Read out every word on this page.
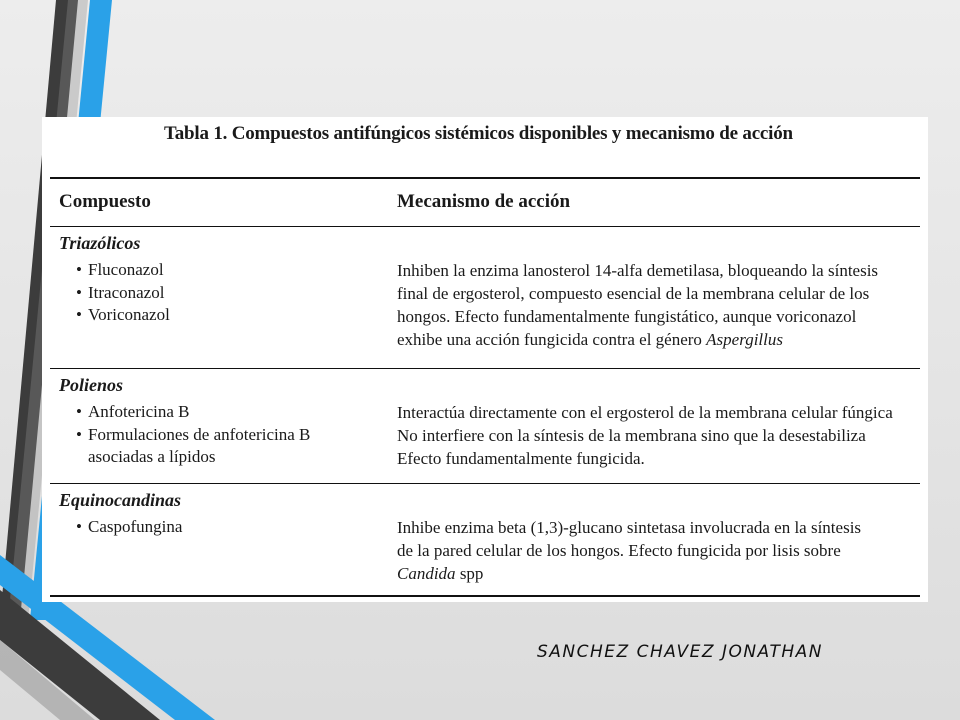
Tabla 1. Compuestos antifúngicos sistémicos disponibles y mecanismo de acción
Compuesto	Mecanismo de acción
Triazólicos
• Fluconazol
• Itraconazol
• Voriconazol
Inhiben la enzima lanosterol 14-alfa demetilasa, bloqueando la síntesis
final de ergosterol, compuesto esencial de la membrana celular de los
hongos. Efecto fundamentalmente fungistático, aunque voriconazol
exhibe una acción fungicida contra el género Aspergillus
Polienos
• Anfotericina B
• Formulaciones de anfotericina B asociadas a lípidos
Interactúa directamente con el ergosterol de la membrana celular fúngica
No interfiere con la síntesis de la membrana sino que la desestabiliza
Efecto fundamentalmente fungicida.
Equinocandinas
• Caspofungina	Inhibe enzima beta (1,3)-glucano sintetasa involucrada en la síntesis
de la pared celular de los hongos. Efecto fungicida por lisis sobre
Candida spp
SANCHEZ CHAVEZ JONATHAN
